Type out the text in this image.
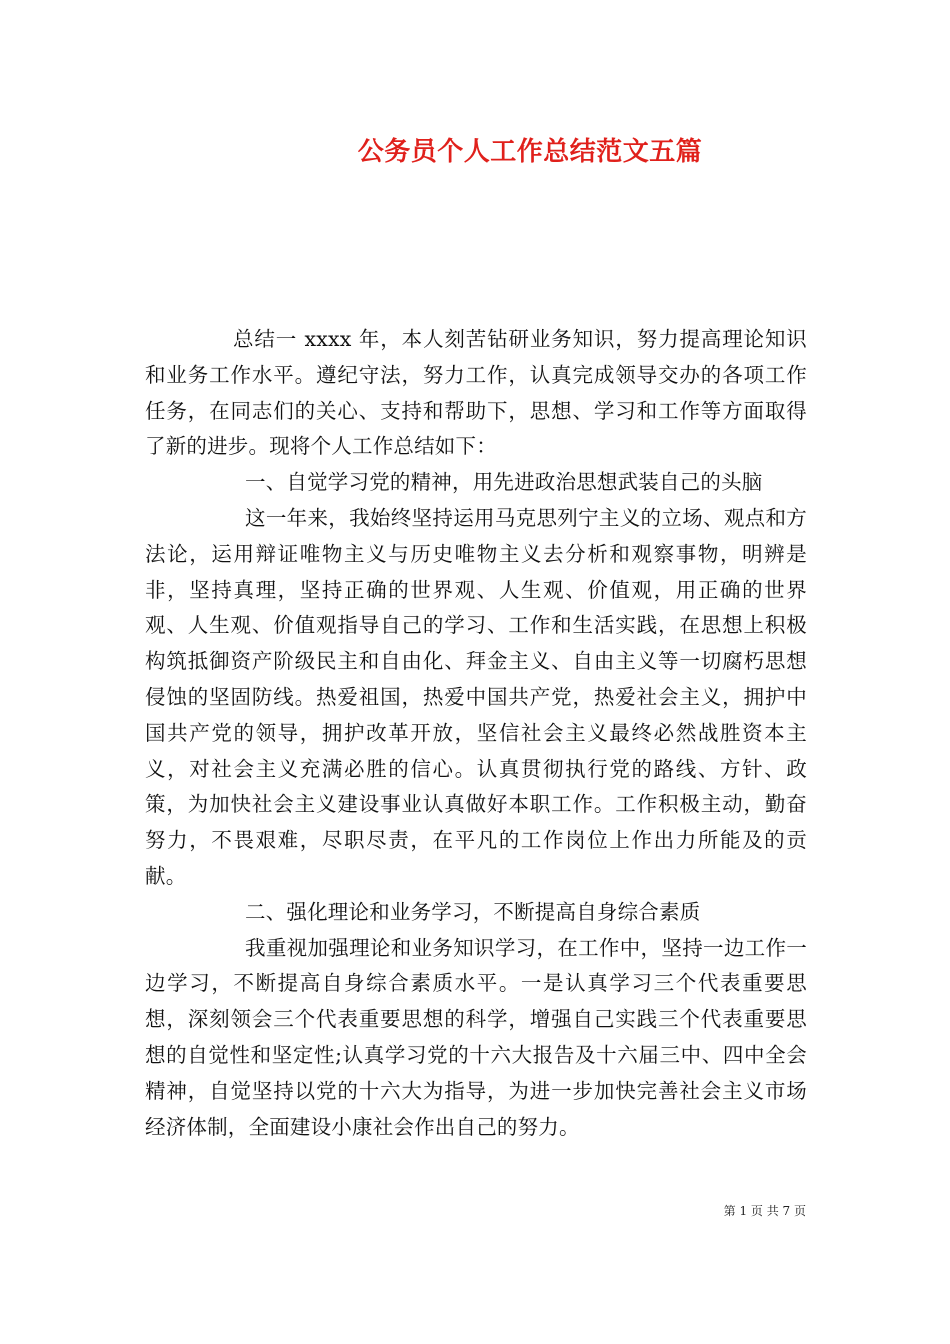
公务员个人工作总结范文五篇

总结一 xxxx 年，本人刻苦钻研业务知识，努力提高理论知识和业务工作水平。遵纪守法，努力工作，认真完成领导交办的各项工作任务，在同志们的关心、支持和帮助下，思想、学习和工作等方面取得了新的进步。现将个人工作总结如下：

一、自觉学习党的精神，用先进政治思想武装自己的头脑

这一年来，我始终坚持运用马克思列宁主义的立场、观点和方法论，运用辩证唯物主义与历史唯物主义去分析和观察事物，明辨是非，坚持真理，坚持正确的世界观、人生观、价值观，用正确的世界观、人生观、价值观指导自己的学习、工作和生活实践，在思想上积极构筑抵御资产阶级民主和自由化、拜金主义、自由主义等一切腐朽思想侵蚀的坚固防线。热爱祖国，热爱中国共产党，热爱社会主义，拥护中国共产党的领导，拥护改革开放，坚信社会主义最终必然战胜资本主义，对社会主义充满必胜的信心。认真贯彻执行党的路线、方针、政策，为加快社会主义建设事业认真做好本职工作。工作积极主动，勤奋努力，不畏艰难，尽职尽责，在平凡的工作岗位上作出力所能及的贡献。

二、强化理论和业务学习，不断提高自身综合素质

我重视加强理论和业务知识学习，在工作中，坚持一边工作一边学习，不断提高自身综合素质水平。一是认真学习三个代表重要思想，深刻领会三个代表重要思想的科学，增强自己实践三个代表重要思想的自觉性和坚定性;认真学习党的十六大报告及十六届三中、四中全会精神，自觉坚持以党的十六大为指导，为进一步加快完善社会主义市场经济体制，全面建设小康社会作出自己的努力。

第 1 页 共 7 页
